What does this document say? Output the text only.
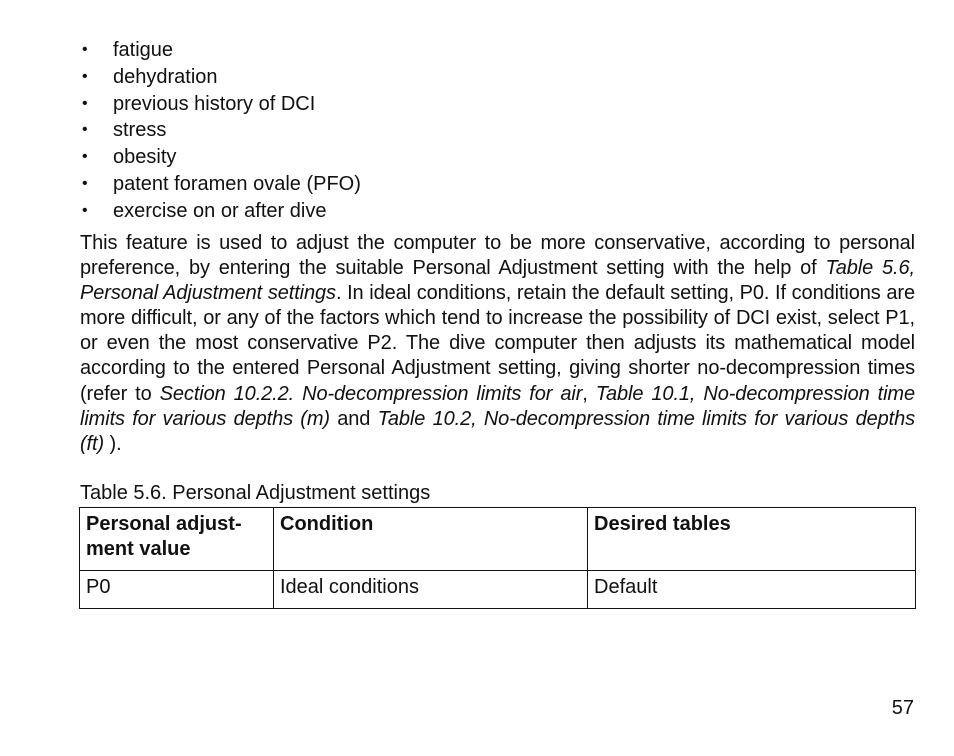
• fatigue
• dehydration
• previous history of DCI
• stress
• obesity
• patent foramen ovale (PFO)
• exercise on or after dive

This feature is used to adjust the computer to be more conservative, according to personal preference, by entering the suitable Personal Adjustment setting with the help of Table 5.6, Personal Adjustment settings. In ideal conditions, retain the default setting, P0. If conditions are more difficult, or any of the factors which tend to increase the possibility of DCI exist, select P1, or even the most conservative P2. The dive computer then adjusts its mathematical model according to the entered Personal Adjustment setting, giving shorter no-decompression times (refer to Section 10.2.2. No-decompression limits for air, Table 10.1, No-decompression time limits for various depths (m) and Table 10.2, No-decompression time limits for various depths (ft) ).

Table 5.6. Personal Adjustment settings

Personal adjustment value	Condition	Desired tables
P0	Ideal conditions	Default
57
